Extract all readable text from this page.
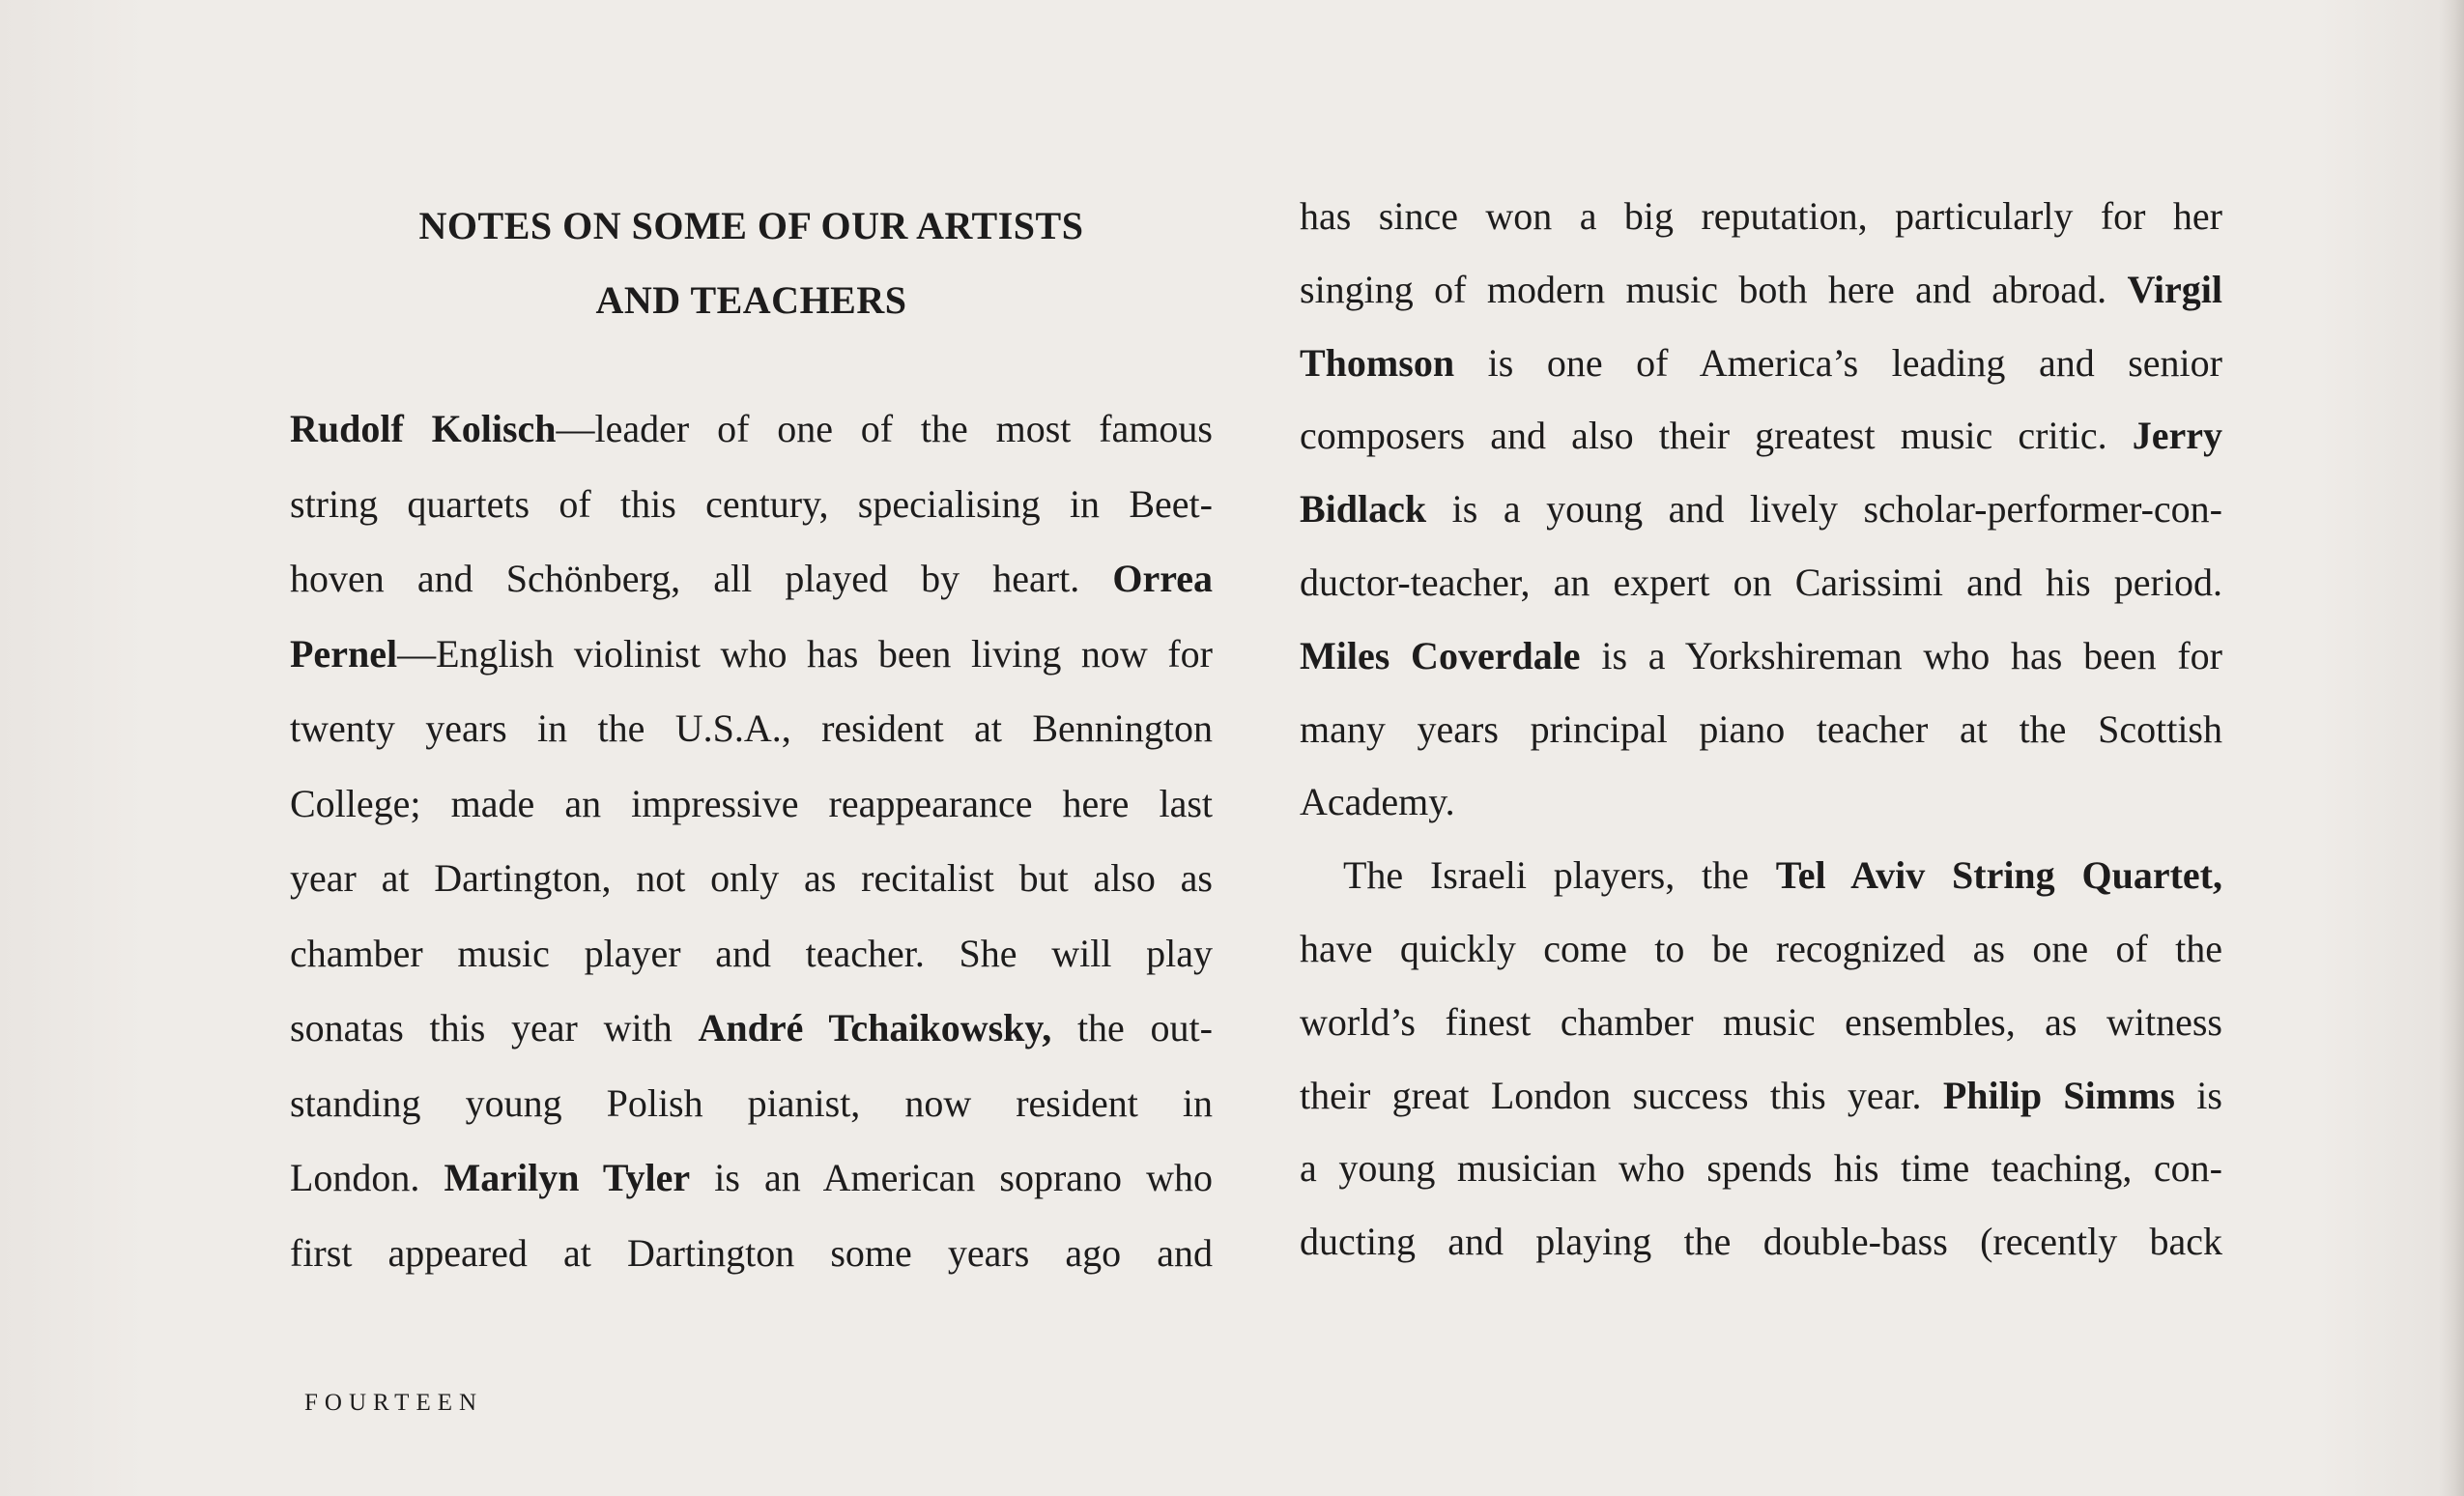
NOTES ON SOME OF OUR ARTISTS
AND TEACHERS
Rudolf Kolisch—leader of one of the most famous
string quartets of this century, specialising in Beet-
hoven and Schönberg, all played by heart. Orrea
Pernel—English violinist who has been living now for
twenty years in the U.S.A., resident at Bennington
College; made an impressive reappearance here last
year at Dartington, not only as recitalist but also as
chamber music player and teacher. She will play
sonatas this year with André Tchaikowsky, the out-
standing young Polish pianist, now resident in
London. Marilyn Tyler is an American soprano who
first appeared at Dartington some years ago and
has since won a big reputation, particularly for her
singing of modern music both here and abroad. Virgil
Thomson is one of America’s leading and senior
composers and also their greatest music critic. Jerry
Bidlack is a young and lively scholar-performer-con-
ductor-teacher, an expert on Carissimi and his period.
Miles Coverdale is a Yorkshireman who has been for
many years principal piano teacher at the Scottish
Academy.
The Israeli players, the Tel Aviv String Quartet,
have quickly come to be recognized as one of the
world’s finest chamber music ensembles, as witness
their great London success this year. Philip Simms is
a young musician who spends his time teaching, con-
ducting and playing the double-bass (recently back
FOURTEEN
